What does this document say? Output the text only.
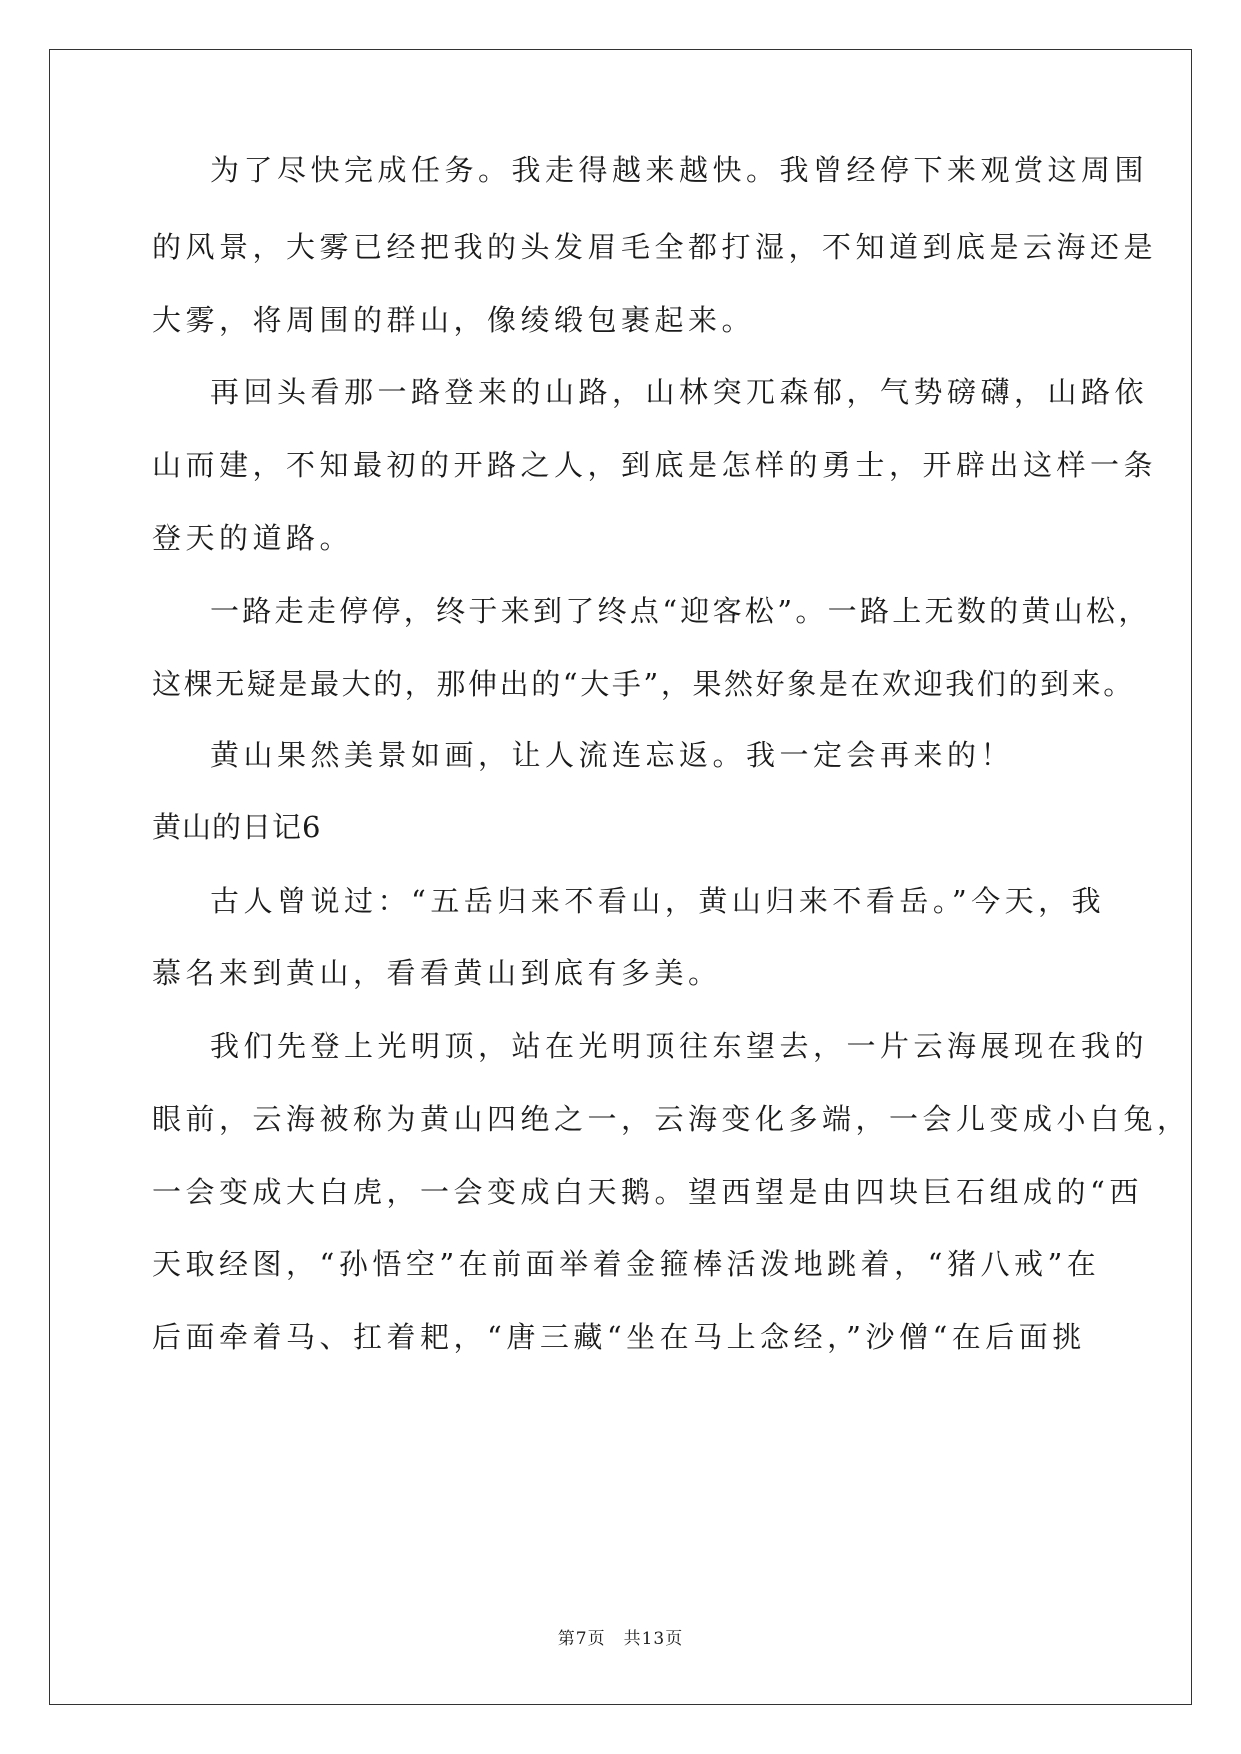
为了尽快完成任务。我走得越来越快。我曾经停下来观赏这周围
的风景，大雾已经把我的头发眉毛全都打湿，不知道到底是云海还是
大雾，将周围的群山，像绫缎包裹起来。
再回头看那一路登来的山路，山林突兀森郁，气势磅礴，山路依
山而建，不知最初的开路之人，到底是怎样的勇士，开辟出这样一条
登天的道路。
一路走走停停，终于来到了终点“迎客松”。一路上无数的黄山松，
这棵无疑是最大的，那伸出的“大手”，果然好象是在欢迎我们的到来。
黄山果然美景如画，让人流连忘返。我一定会再来的！
黄山的日记6
古人曾说过：“五岳归来不看山，黄山归来不看岳。”今天，我
慕名来到黄山，看看黄山到底有多美。
我们先登上光明顶，站在光明顶往东望去，一片云海展现在我的
眼前，云海被称为黄山四绝之一，云海变化多端，一会儿变成小白兔，
一会变成大白虎，一会变成白天鹅。望西望是由四块巨石组成的“西
天取经图，“孙悟空”在前面举着金箍棒活泼地跳着，“猪八戒”在
后面牵着马、扛着耙，“唐三藏“坐在马上念经，”沙僧“在后面挑
第7页　共13页
